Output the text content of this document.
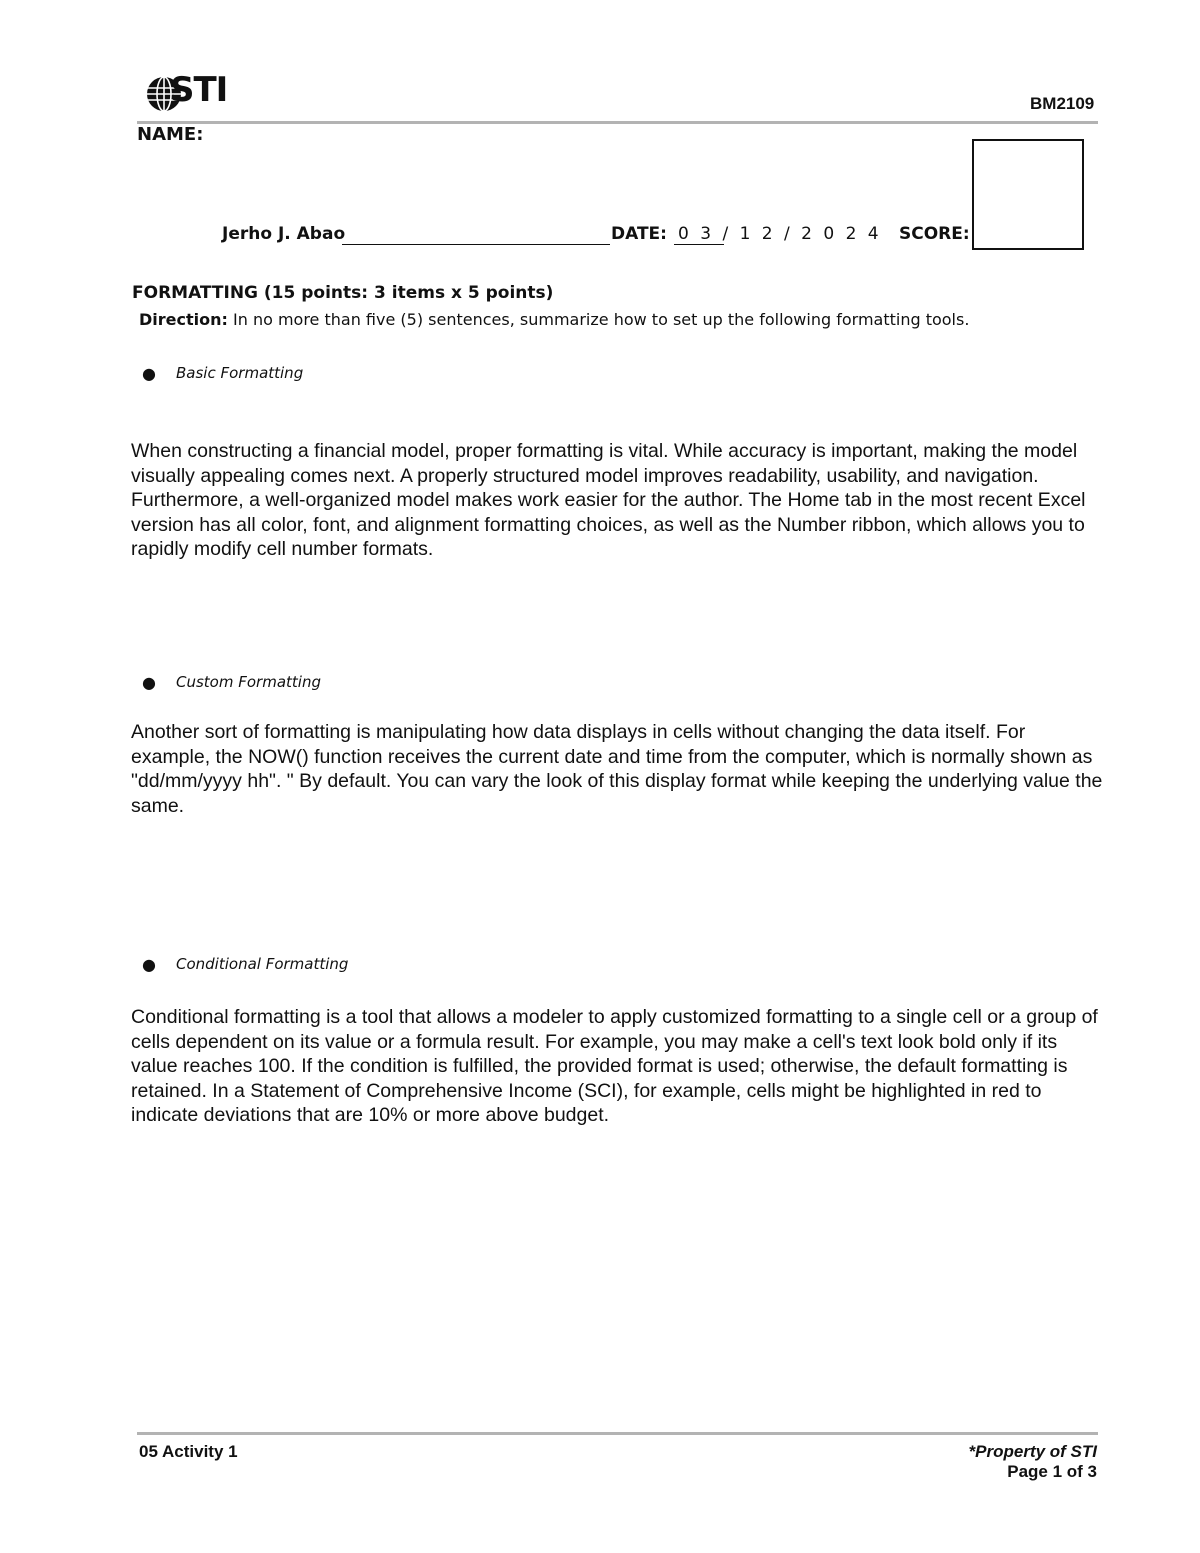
STI	BM2109
NAME:
Jerho J. Abao	DATE: 0 3 / 1 2 / 2 0 2 4 SCORE:
FORMATTING (15 points: 3 items x 5 points)
Direction: In no more than five (5) sentences, summarize how to set up the following formatting tools.
● Basic Formatting
When constructing a financial model, proper formatting is vital. While accuracy is important, making the model visually appealing comes next. A properly structured model improves readability, usability, and navigation. Furthermore, a well-organized model makes work easier for the author. The Home tab in the most recent Excel version has all color, font, and alignment formatting choices, as well as the Number ribbon, which allows you to rapidly modify cell number formats.
● Custom Formatting
Another sort of formatting is manipulating how data displays in cells without changing the data itself. For example, the NOW() function receives the current date and time from the computer, which is normally shown as "dd/mm/yyyy hh". " By default. You can vary the look of this display format while keeping the underlying value the same.
● Conditional Formatting
Conditional formatting is a tool that allows a modeler to apply customized formatting to a single cell or a group of cells dependent on its value or a formula result. For example, you may make a cell's text look bold only if its value reaches 100. If the condition is fulfilled, the provided format is used; otherwise, the default formatting is retained. In a Statement of Comprehensive Income (SCI), for example, cells might be highlighted in red to indicate deviations that are 10% or more above budget.
05 Activity 1	*Property of STI
Page 1 of 3
